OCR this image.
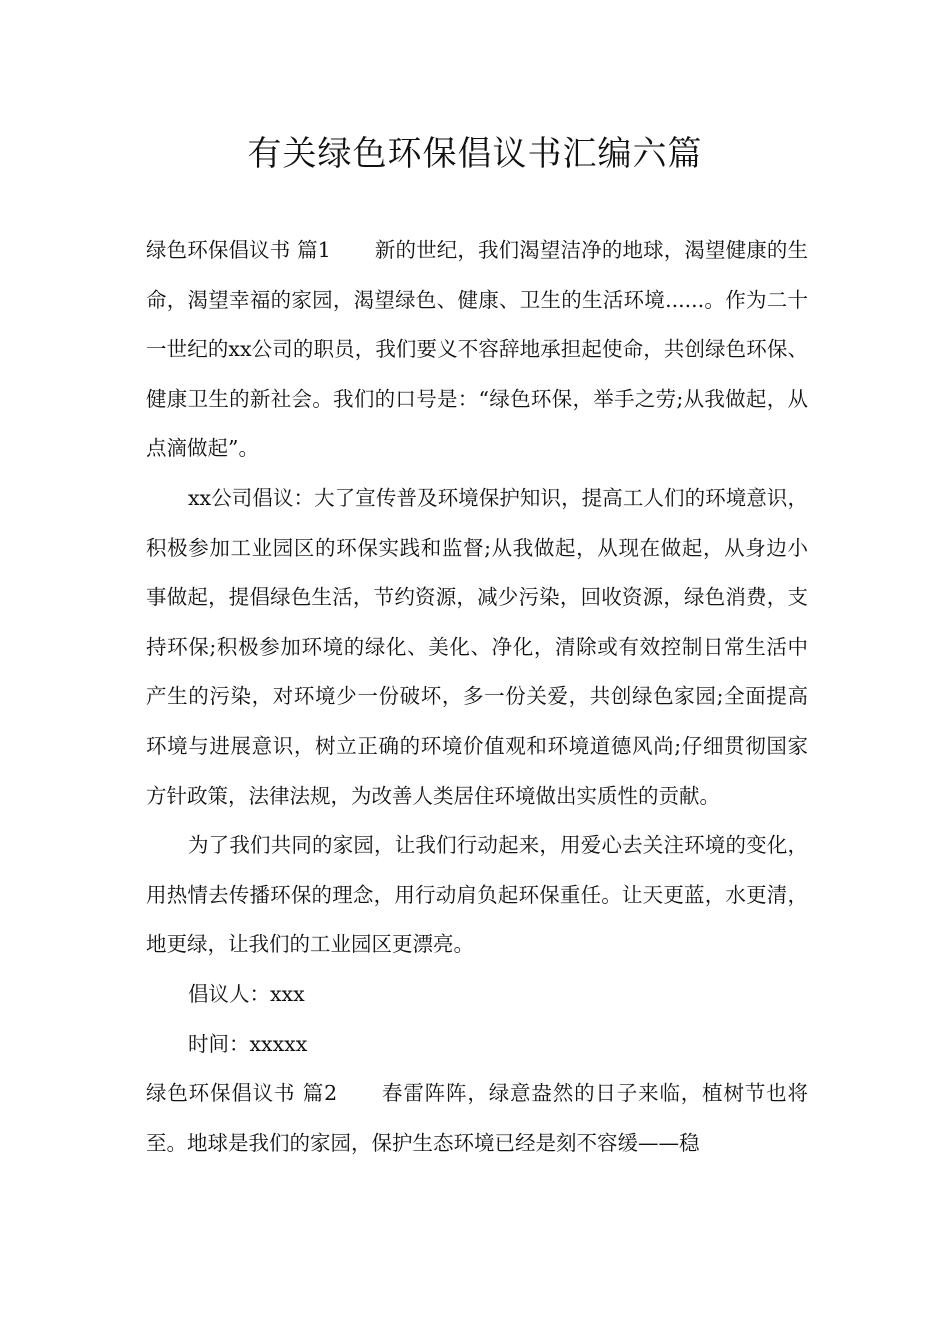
有关绿色环保倡议书汇编六篇

绿色环保倡议书 篇1 新的世纪，我们渴望洁净的地球，渴望健康的生命，渴望幸福的家园，渴望绿色、健康、卫生的生活环境......。作为二十一世纪的xx公司的职员，我们要义不容辞地承担起使命，共创绿色环保、健康卫生的新社会。我们的口号是：“绿色环保，举手之劳;从我做起，从点滴做起”。

xx公司倡议：大了宣传普及环境保护知识，提高工人们的环境意识，积极参加工业园区的环保实践和监督;从我做起，从现在做起，从身边小事做起，提倡绿色生活，节约资源，减少污染，回收资源，绿色消费，支持环保;积极参加环境的绿化、美化、净化，清除或有效控制日常生活中产生的污染，对环境少一份破坏，多一份关爱，共创绿色家园;全面提高环境与进展意识，树立正确的环境价值观和环境道德风尚;仔细贯彻国家方针政策，法律法规，为改善人类居住环境做出实质性的贡献。

为了我们共同的家园，让我们行动起来，用爱心去关注环境的变化，用热情去传播环保的理念，用行动肩负起环保重任。让天更蓝，水更清，地更绿，让我们的工业园区更漂亮。

倡议人：xxx

时间：xxxxx

绿色环保倡议书 篇2 春雷阵阵，绿意盎然的日子来临，植树节也将至。地球是我们的家园，保护生态环境已经是刻不容缓——稳
